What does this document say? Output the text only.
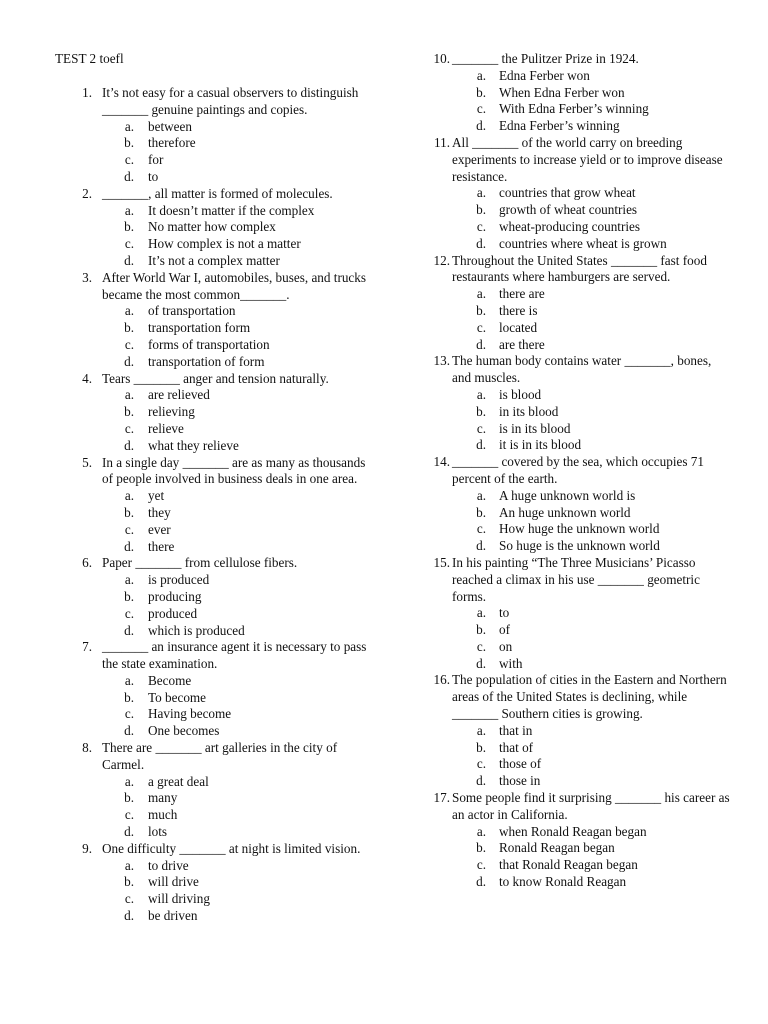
TEST 2 toefl
1. It’s not easy for a casual observers to distinguish _______ genuine paintings and copies.
a. between
b. therefore
c. for
d. to
2. _______, all matter is formed of molecules.
a. It doesn’t matter if the complex
b. No matter how complex
c. How complex is not a matter
d. It’s not a complex matter
3. After World War I, automobiles, buses, and trucks became the most common_______.
a. of transportation
b. transportation form
c. forms of transportation
d. transportation of form
4. Tears _______ anger and tension naturally.
a. are relieved
b. relieving
c. relieve
d. what they relieve
5. In a single day _______ are as many as thousands of people involved in business deals in one area.
a. yet
b. they
c. ever
d. there
6. Paper _______ from cellulose fibers.
a. is produced
b. producing
c. produced
d. which is produced
7. _______ an insurance agent it is necessary to pass the state examination.
a. Become
b. To become
c. Having become
d. One becomes
8. There are _______ art galleries in the city of Carmel.
a. a great deal
b. many
c. much
d. lots
9. One difficulty _______ at night is limited vision.
a. to drive
b. will drive
c. will driving
d. be driven
10. _______ the Pulitzer Prize in 1924.
a. Edna Ferber won
b. When Edna Ferber won
c. With Edna Ferber’s winning
d. Edna Ferber’s winning
11. All _______ of the world carry on breeding experiments to increase yield or to improve disease resistance.
a. countries that grow wheat
b. growth of wheat countries
c. wheat-producing countries
d. countries where wheat is grown
12. Throughout the United States _______ fast food restaurants where hamburgers are served.
a. there are
b. there is
c. located
d. are there
13. The human body contains water _______, bones, and muscles.
a. is blood
b. in its blood
c. is in its blood
d. it is in its blood
14. _______ covered by the sea, which occupies 71 percent of the earth.
a. A huge unknown world is
b. An huge unknown world
c. How huge the unknown world
d. So huge is the unknown world
15. In his painting “The Three Musicians’ Picasso reached a climax in his use _______ geometric forms.
a. to
b. of
c. on
d. with
16. The population of cities in the Eastern and Northern areas of the United States is declining, while _______ Southern cities is growing.
a. that in
b. that of
c. those of
d. those in
17. Some people find it surprising _______ his career as an actor in California.
a. when Ronald Reagan began
b. Ronald Reagan began
c. that Ronald Reagan began
d. to know Ronald Reagan
